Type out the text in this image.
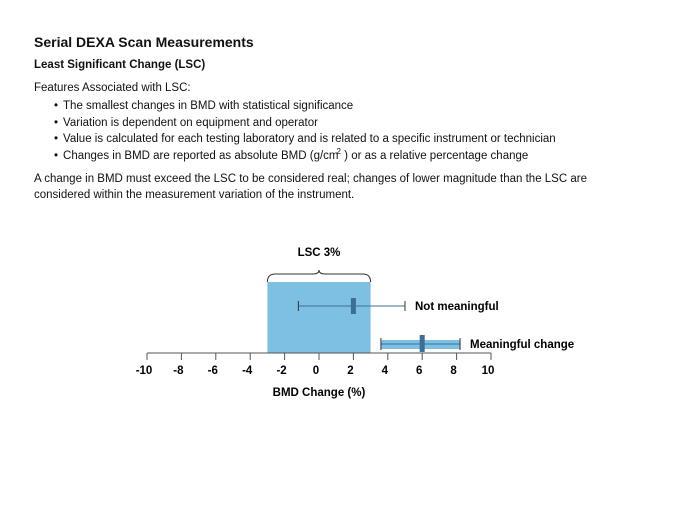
Serial DEXA Scan Measurements
Least Significant Change (LSC)
Features Associated with LSC:
• The smallest changes in BMD with statistical significance
• Variation is dependent on equipment and operator
• Value is calculated for each testing laboratory and is related to a specific instrument or technician
• Changes in BMD are reported as absolute BMD ($g/cm^2$ ) or as a relative percentage change
A change in BMD must exceed the LSC to be considered real; changes of lower magnitude than the LSC are considered within the measurement variation of the instrument.
LSC 3%
Not meaningful
Meaningful change
-10 -8 -6 -4 -2 0 2 4 6 8 10
BMD Change (%)
